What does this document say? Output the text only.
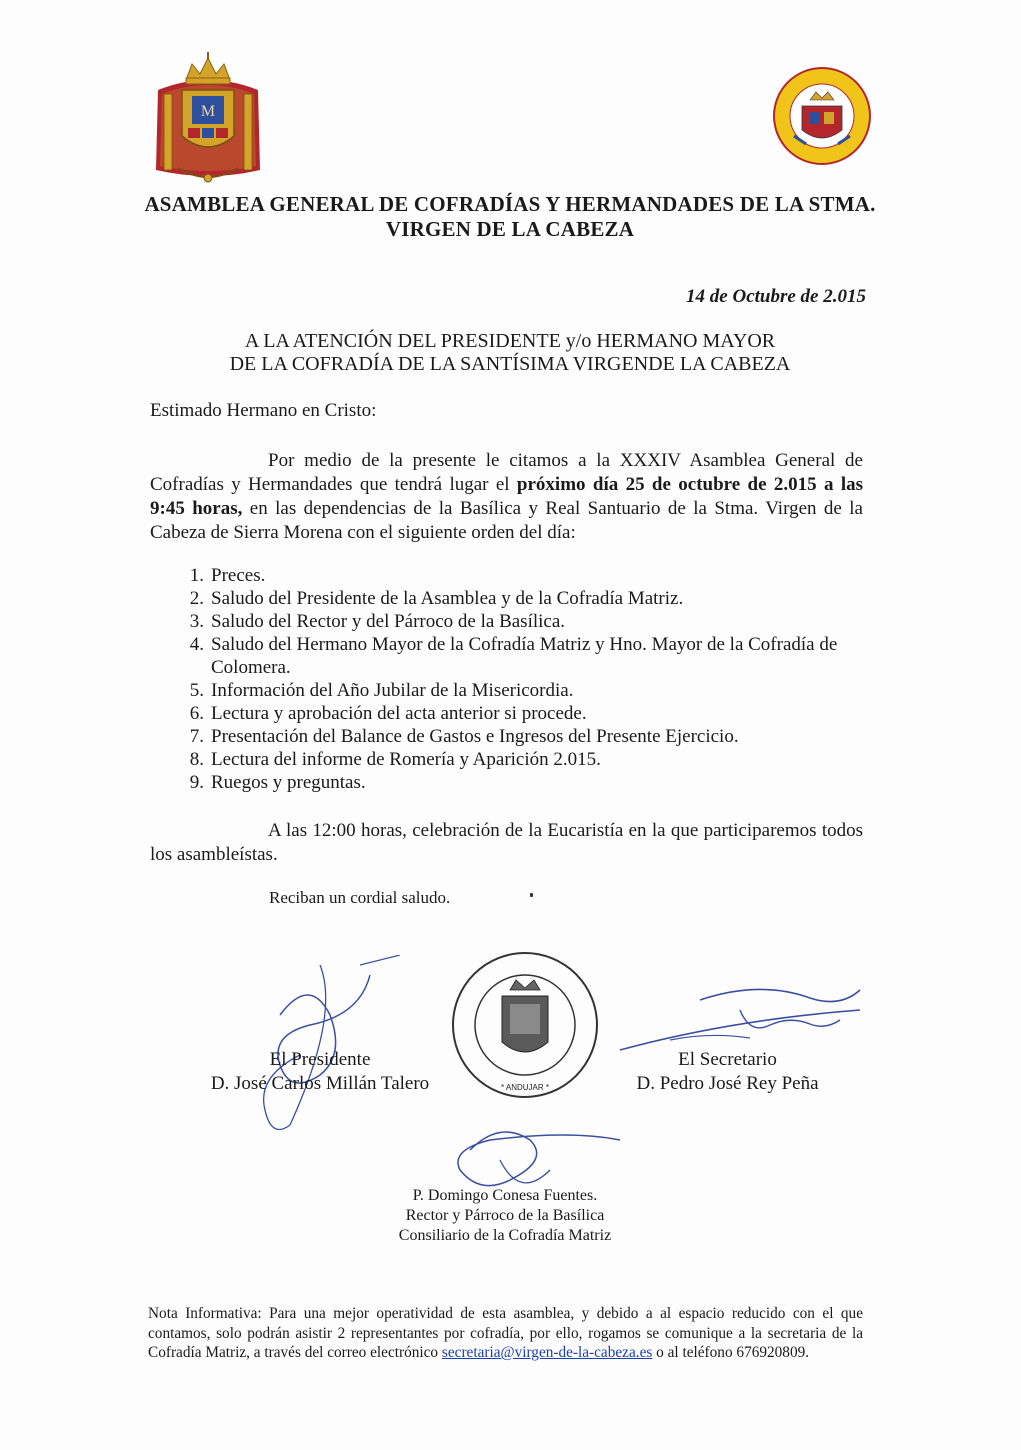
M
ASAMBLEA GENERAL DE COFRADÍAS Y HERMANDADES DE LA STMA.
VIRGEN DE LA CABEZA
14 de Octubre de 2.015
A LA ATENCIÓN DEL PRESIDENTE y/o HERMANO MAYOR
DE LA COFRADÍA DE LA SANTÍSIMA VIRGENDE LA CABEZA
Estimado Hermano en Cristo:
Por medio de la presente le citamos a la XXXIV Asamblea General de Cofradías y Hermandades que tendrá lugar el próximo día 25 de octubre de 2.015 a las 9:45 horas, en las dependencias de la Basílica y Real Santuario de la Stma. Virgen de la Cabeza de Sierra Morena con el siguiente orden del día:
1. Preces.
2. Saludo del Presidente de la Asamblea y de la Cofradía Matriz.
3. Saludo del Rector y del Párroco de la Basílica.
4. Saludo del Hermano Mayor de la Cofradía Matriz y Hno. Mayor de la Cofradía de Colomera.
5. Información del Año Jubilar de la Misericordia.
6. Lectura y aprobación del acta anterior si procede.
7. Presentación del Balance de Gastos e Ingresos del Presente Ejercicio.
8. Lectura del informe de Romería y Aparición 2.015.
9. Ruegos y preguntas.
A las 12:00 horas, celebración de la Eucaristía en la que participaremos todos los asambleístas.
Reciban un cordial saludo.
* ANDUJAR *
El Presidente
D. José Carlos Millán Talero
El Secretario
D. Pedro José Rey Peña
P. Domingo Conesa Fuentes.
Rector y Párroco de la Basílica
Consiliario de la Cofradía Matriz
Nota Informativa: Para una mejor operatividad de esta asamblea, y debido a al espacio reducido con el que contamos, solo podrán asistir 2 representantes por cofradía, por ello, rogamos se comunique a la secretaria de la Cofradía Matriz, a través del correo electrónico secretaria@virgen-de-la-cabeza.es o al teléfono 676920809.
